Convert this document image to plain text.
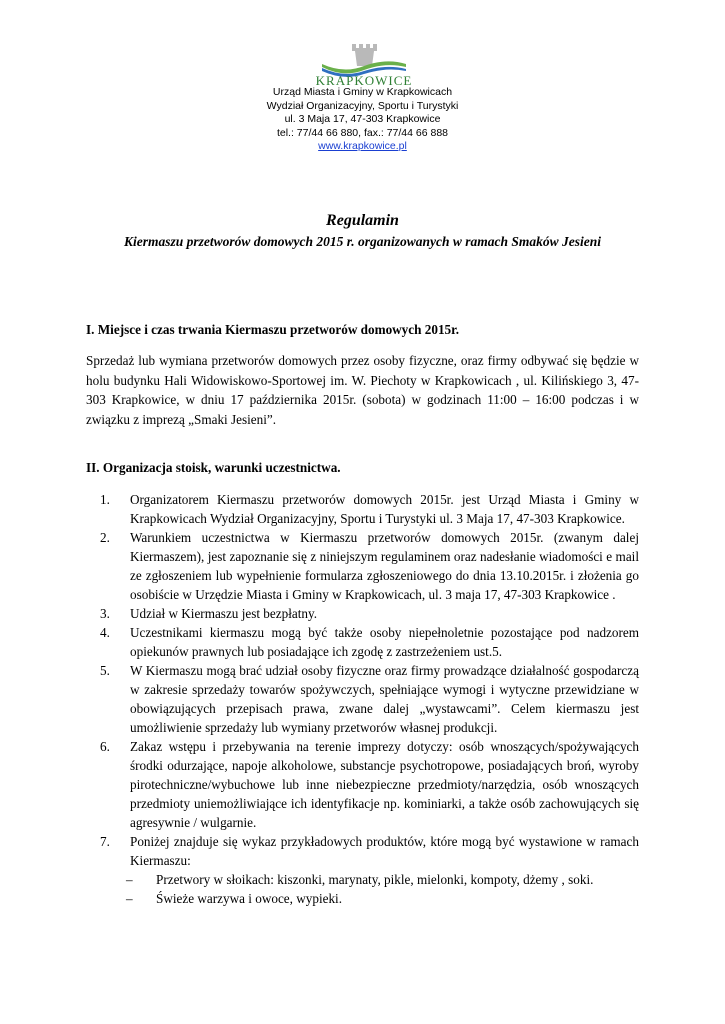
KRAPKOWICE
Urząd Miasta i Gminy w Krapkowicach
Wydział Organizacyjny, Sportu i Turystyki
ul. 3 Maja 17, 47-303 Krapkowice
tel.: 77/44 66 880, fax.: 77/44 66 888
www.krapkowice.pl
Regulamin
Kiermaszu przetworów domowych 2015 r. organizowanych w ramach Smaków Jesieni
I. Miejsce i czas trwania Kiermaszu przetworów domowych 2015r.
Sprzedaż lub wymiana przetworów domowych przez osoby fizyczne, oraz firmy odbywać się będzie w holu budynku Hali Widowiskowo-Sportowej im. W. Piechoty w Krapkowicach , ul. Kilińskiego 3, 47-303 Krapkowice, w dniu 17 października 2015r. (sobota) w godzinach 11:00 – 16:00 podczas i w związku z imprezą „Smaki Jesieni”.
II. Organizacja stoisk, warunki uczestnictwa.
1. Organizatorem Kiermaszu przetworów domowych 2015r. jest Urząd Miasta i Gminy w Krapkowicach Wydział Organizacyjny, Sportu i Turystyki ul. 3 Maja 17, 47-303 Krapkowice.
2. Warunkiem uczestnictwa w Kiermaszu przetworów domowych 2015r. (zwanym dalej Kiermaszem), jest zapoznanie się z niniejszym regulaminem oraz nadesłanie wiadomości e mail ze zgłoszeniem lub wypełnienie formularza zgłoszeniowego do dnia 13.10.2015r. i złożenia go osobiście w Urzędzie Miasta i Gminy w Krapkowicach, ul. 3 maja 17, 47-303 Krapkowice .
3. Udział w Kiermaszu jest bezpłatny.
4. Uczestnikami kiermaszu mogą być także osoby niepełnoletnie pozostające pod nadzorem opiekunów prawnych lub posiadające ich zgodę z zastrzeżeniem ust.5.
5. W Kiermaszu mogą brać udział osoby fizyczne oraz firmy prowadzące działalność gospodarczą w zakresie sprzedaży towarów spożywczych, spełniające wymogi i wytyczne przewidziane w obowiązujących przepisach prawa, zwane dalej „wystawcami”. Celem kiermaszu jest umożliwienie sprzedaży lub wymiany przetworów własnej produkcji.
6. Zakaz wstępu i przebywania na terenie imprezy dotyczy: osób wnoszących/spożywających środki odurzające, napoje alkoholowe, substancje psychotropowe, posiadających broń, wyroby pirotechniczne/wybuchowe lub inne niebezpieczne przedmioty/narzędzia, osób wnoszących przedmioty uniemożliwiające ich identyfikacje np. kominiarki, a także osób zachowujących się agresywnie / wulgarnie.
7. Poniżej znajduje się wykaz przykładowych produktów, które mogą być wystawione w ramach Kiermaszu:
– Przetwory w słoikach: kiszonki, marynaty, pikle, mielonki, kompoty, dżemy , soki.
– Świeże warzywa i owoce, wypieki.
